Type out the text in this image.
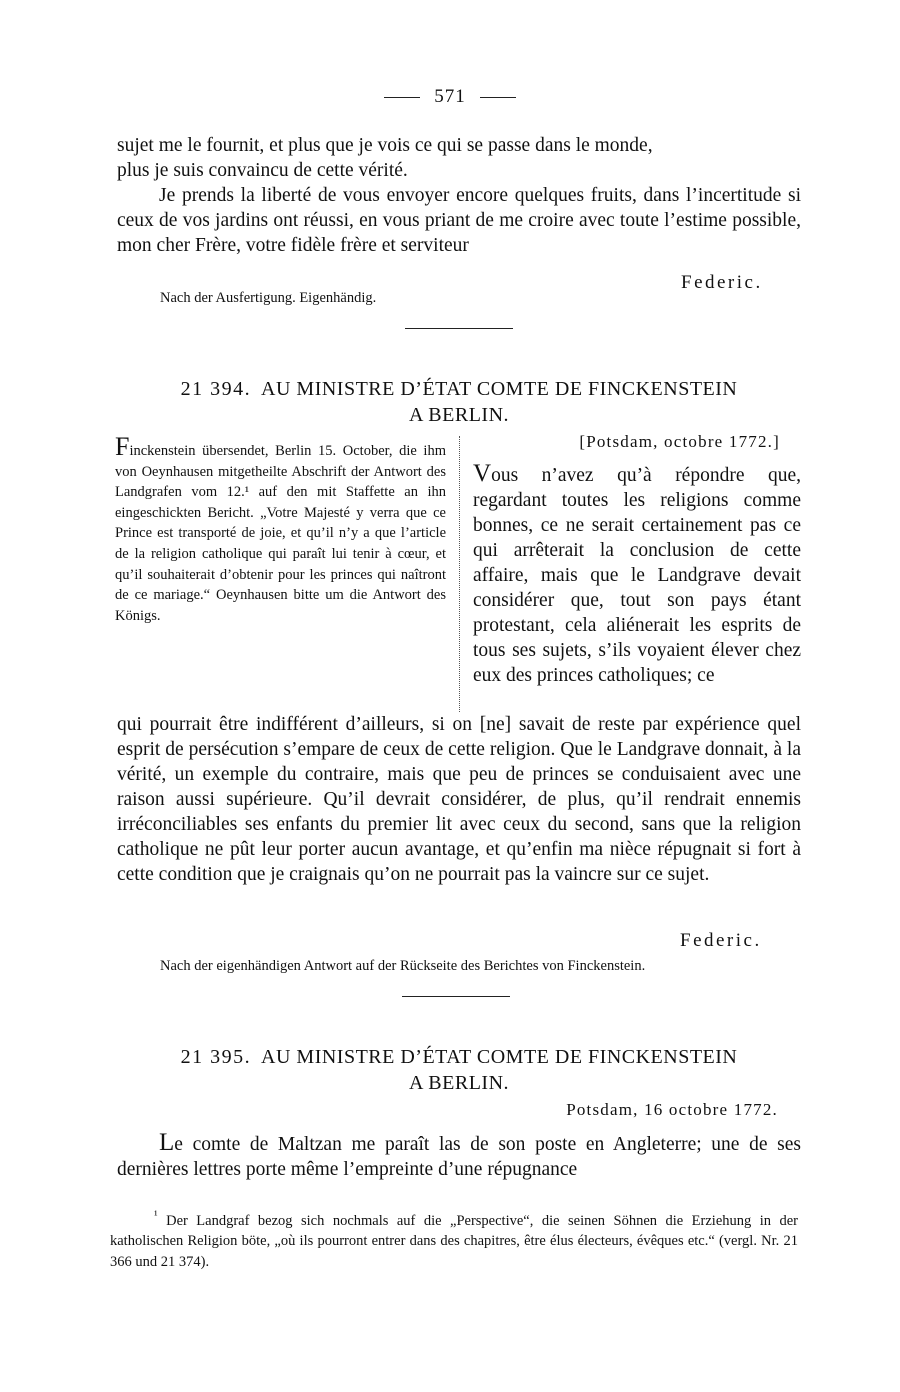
571

sujet me le fournit, et plus que je vois ce qui se passe dans le monde,

plus je suis convaincu de cette vérité.

Je prends la liberté de vous envoyer encore quelques fruits, dans l’incertitude si ceux de vos jardins ont réussi, en vous priant de me croire avec toute l’estime possible, mon cher Frère, votre fidèle frère et serviteur

Federic.
Nach der Ausfertigung. Eigenhändig.
21 394. AU MINISTRE D’ÉTAT COMTE DE FINCKENSTEIN
A BERLIN.
Finckenstein übersendet, Berlin 15. October, die ihm von Oeynhausen mitgetheilte Abschrift der Antwort des Landgrafen vom 12.¹ auf den mit Staffette an ihn eingeschickten Bericht. „Votre Majesté y verra que ce Prince est transporté de joie, et qu’il n’y a que l’article de la religion catholique qui paraît lui tenir à cœur, et qu’il souhaiterait d’obtenir pour les princes qui naîtront de ce mariage.“ Oeynhausen bitte um die Antwort des Königs.
[Potsdam, octobre 1772.]
Vous n’avez qu’à répondre que, regardant toutes les religions comme bonnes, ce ne serait certainement pas ce qui arrêterait la conclusion de cette affaire, mais que le Landgrave devait considérer que, tout son pays étant protestant, cela aliénerait les esprits de tous ses sujets, s’ils voyaient élever chez eux des princes catholiques; ce
qui pourrait être indifférent d’ailleurs, si on [ne] savait de reste par expérience quel esprit de persécution s’empare de ceux de cette religion. Que le Landgrave donnait, à la vérité, un exemple du contraire, mais que peu de princes se conduisaient avec une raison aussi supérieure. Qu’il devrait considérer, de plus, qu’il rendrait ennemis irréconciliables ses enfants du premier lit avec ceux du second, sans que la religion catholique ne pût leur porter aucun avantage, et qu’enfin ma nièce répugnait si fort à cette condition que je craignais qu’on ne pourrait pas la vaincre sur ce sujet.
Federic.
Nach der eigenhändigen Antwort auf der Rückseite des Berichtes von Finckenstein.
21 395. AU MINISTRE D’ÉTAT COMTE DE FINCKENSTEIN
A BERLIN.
Potsdam, 16 octobre 1772.

Le comte de Maltzan me paraît las de son poste en Angleterre; une de ses dernières lettres porte même l’empreinte d’une répugnance

$^{^1}$ Der Landgraf bezog sich nochmals auf die „Perspective“, die seinen Söhnen die Erziehung in der katholischen Religion böte, „où ils pourront entrer dans des chapitres, être élus électeurs, évêques etc.“ (vergl. Nr. 21 366 und 21 374).
